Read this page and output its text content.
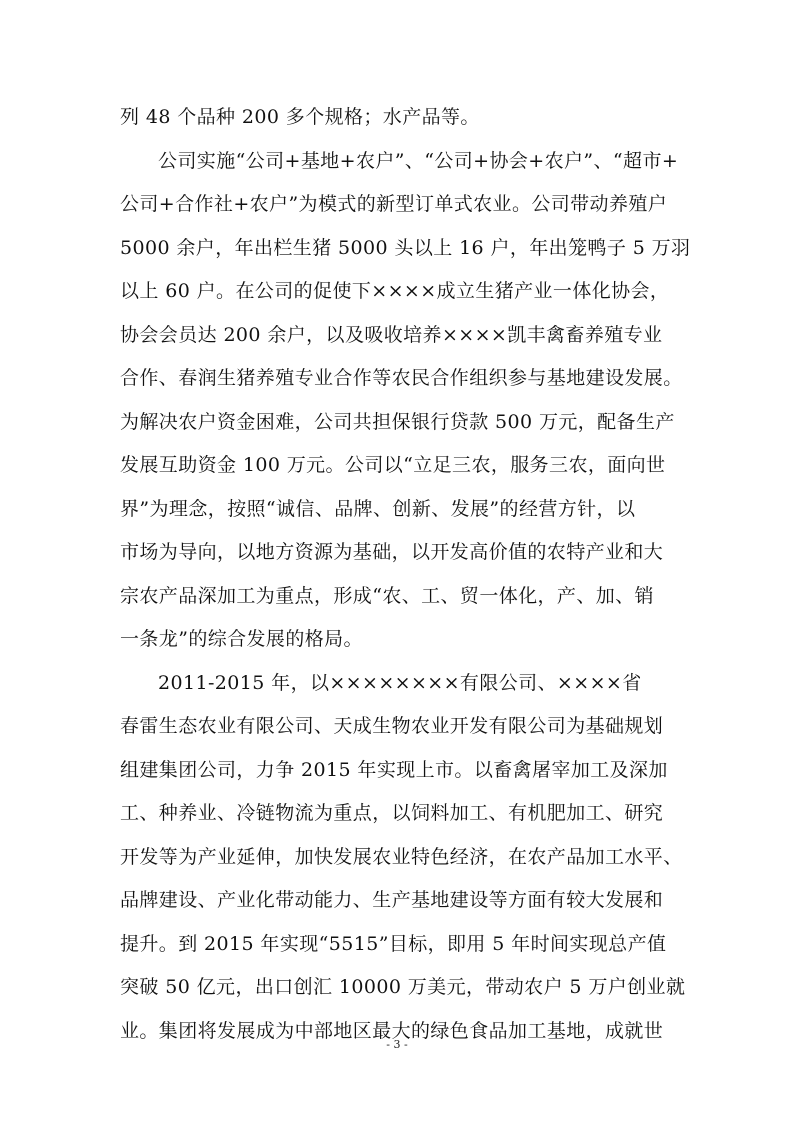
列 48 个品种 200 多个规格；水产品等。
公司实施“公司+基地+农户”、“公司+协会+农户”、“超市+
公司+合作社+农户”为模式的新型订单式农业。公司带动养殖户
5000 余户，年出栏生猪 5000 头以上 16 户，年出笼鸭子 5 万羽
以上 60 户。在公司的促使下××××成立生猪产业一体化协会，
协会会员达 200 余户，以及吸收培养××××凯丰禽畜养殖专业
合作、春润生猪养殖专业合作等农民合作组织参与基地建设发展。
为解决农户资金困难，公司共担保银行贷款 500 万元，配备生产
发展互助资金 100 万元。公司以“立足三农，服务三农，面向世
界”为理念，按照“诚信、品牌、创新、发展”的经营方针，以
市场为导向，以地方资源为基础，以开发高价值的农特产业和大
宗农产品深加工为重点，形成“农、工、贸一体化，产、加、销
一条龙”的综合发展的格局。
2011-2015 年，以××××××××有限公司、××××省
春雷生态农业有限公司、天成生物农业开发有限公司为基础规划
组建集团公司，力争 2015 年实现上市。以畜禽屠宰加工及深加
工、种养业、冷链物流为重点，以饲料加工、有机肥加工、研究
开发等为产业延伸，加快发展农业特色经济，在农产品加工水平、
品牌建设、产业化带动能力、生产基地建设等方面有较大发展和
提升。到 2015 年实现“5515”目标，即用 5 年时间实现总产值
突破 50 亿元，出口创汇 10000 万美元，带动农户 5 万户创业就
业。集团将发展成为中部地区最大的绿色食品加工基地，成就世
- 3 -
